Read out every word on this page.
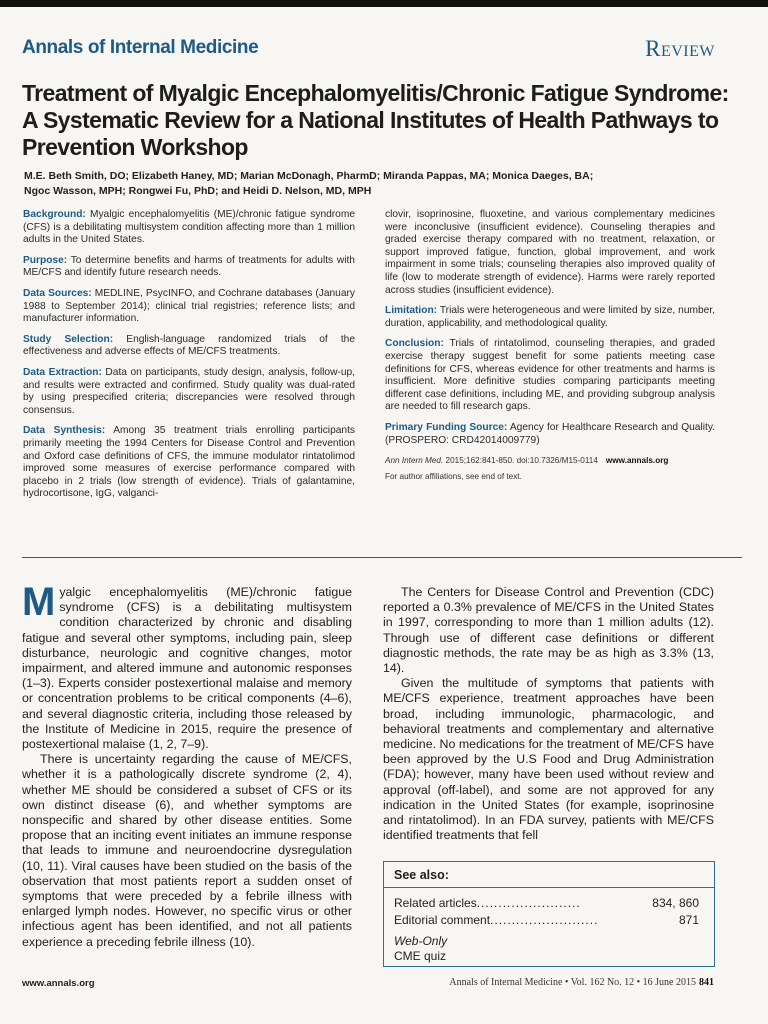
Annals of Internal Medicine	Review
Treatment of Myalgic Encephalomyelitis/Chronic Fatigue Syndrome: A Systematic Review for a National Institutes of Health Pathways to Prevention Workshop
M.E. Beth Smith, DO; Elizabeth Haney, MD; Marian McDonagh, PharmD; Miranda Pappas, MA; Monica Daeges, BA;
Ngoc Wasson, MPH; Rongwei Fu, PhD; and Heidi D. Nelson, MD, MPH

Background: Myalgic encephalomyelitis (ME)/chronic fatigue syndrome (CFS) is a debilitating multisystem condition affecting more than 1 million adults in the United States.

Purpose: To determine benefits and harms of treatments for adults with ME/CFS and identify future research needs.

Data Sources: MEDLINE, PsycINFO, and Cochrane databases (January 1988 to September 2014); clinical trial registries; reference lists; and manufacturer information.

Study Selection: English-language randomized trials of the effectiveness and adverse effects of ME/CFS treatments.

Data Extraction: Data on participants, study design, analysis, follow-up, and results were extracted and confirmed. Study quality was dual-rated by using prespecified criteria; discrepancies were resolved through consensus.

Data Synthesis: Among 35 treatment trials enrolling participants primarily meeting the 1994 Centers for Disease Control and Prevention and Oxford case definitions of CFS, the immune modulator rintatolimod improved some measures of exercise performance compared with placebo in 2 trials (low strength of evidence). Trials of galantamine, hydrocortisone, IgG, valganci-

clovir, isoprinosine, fluoxetine, and various complementary medicines were inconclusive (insufficient evidence). Counseling therapies and graded exercise therapy compared with no treatment, relaxation, or support improved fatigue, function, global improvement, and work impairment in some trials; counseling therapies also improved quality of life (low to moderate strength of evidence). Harms were rarely reported across studies (insufficient evidence).

Limitation: Trials were heterogeneous and were limited by size, number, duration, applicability, and methodological quality.

Conclusion: Trials of rintatolimod, counseling therapies, and graded exercise therapy suggest benefit for some patients meeting case definitions for CFS, whereas evidence for other treatments and harms is insufficient. More definitive studies comparing participants meeting different case definitions, including ME, and providing subgroup analysis are needed to fill research gaps.

Primary Funding Source: Agency for Healthcare Research and Quality. (PROSPERO: CRD42014009779)

Ann Intern Med. 2015;162:841-850. doi:10.7326/M15-0114 www.annals.org
For author affiliations, see end of text.

Myalgic encephalomyelitis (ME)/chronic fatigue syndrome (CFS) is a debilitating multisystem condition characterized by chronic and disabling fatigue and several other symptoms, including pain, sleep disturbance, neurologic and cognitive changes, motor impairment, and altered immune and autonomic responses (1–3). Experts consider postexertional malaise and memory or concentration problems to be critical components (4–6), and several diagnostic criteria, including those released by the Institute of Medicine in 2015, require the presence of postexertional malaise (1, 2, 7–9).

There is uncertainty regarding the cause of ME/CFS, whether it is a pathologically discrete syndrome (2, 4), whether ME should be considered a subset of CFS or its own distinct disease (6), and whether symptoms are nonspecific and shared by other disease entities. Some propose that an inciting event initiates an immune response that leads to immune and neuroendocrine dysregulation (10, 11). Viral causes have been studied on the basis of the observation that most patients report a sudden onset of symptoms that were preceded by a febrile illness with enlarged lymph nodes. However, no specific virus or other infectious agent has been identified, and not all patients experience a preceding febrile illness (10).

The Centers for Disease Control and Prevention (CDC) reported a 0.3% prevalence of ME/CFS in the United States in 1997, corresponding to more than 1 million adults (12). Through use of different case definitions or different diagnostic methods, the rate may be as high as 3.3% (13, 14).

Given the multitude of symptoms that patients with ME/CFS experience, treatment approaches have been broad, including immunologic, pharmacologic, and behavioral treatments and complementary and alternative medicine. No medications for the treatment of ME/CFS have been approved by the U.S Food and Drug Administration (FDA); however, many have been used without review and approval (off-label), and some are not approved for any indication in the United States (for example, isoprinosine and rintatolimod). In an FDA survey, patients with ME/CFS identified treatments that fell

See also:
Related articles........................	834, 860
Editorial comment.........................	871
Web-Only
CME quiz
www.annals.org	Annals of Internal Medicine • Vol. 162 No. 12 • 16 June 2015 841
